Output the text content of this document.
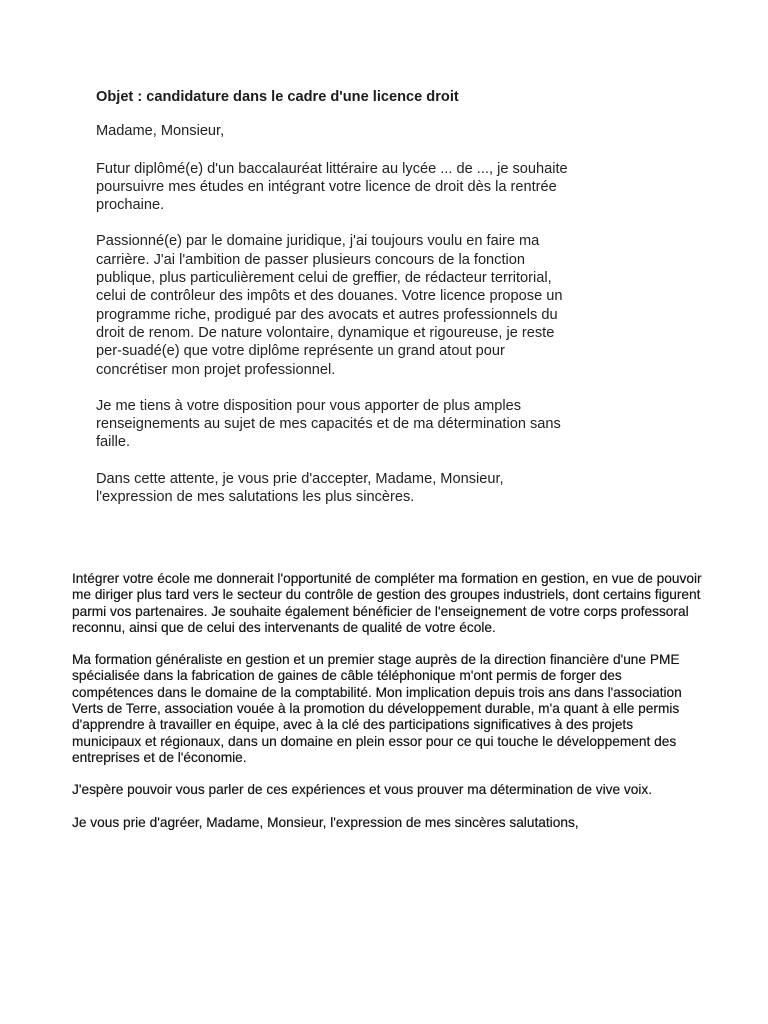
Objet : candidature dans le cadre d'une licence droit
Madame, Monsieur,

Futur diplômé(e) d'un baccalauréat littéraire au lycée ... de ..., je souhaite poursuivre mes études en intégrant votre licence de droit dès la rentrée prochaine.

Passionné(e) par le domaine juridique, j'ai toujours voulu en faire ma carrière. J'ai l'ambition de passer plusieurs concours de la fonction publique, plus particulièrement celui de greffier, de rédacteur territorial, celui de contrôleur des impôts et des douanes. Votre licence propose un programme riche, prodigué par des avocats et autres professionnels du droit de renom. De nature volontaire, dynamique et rigoureuse, je reste per-suadé(e) que votre diplôme représente un grand atout pour concrétiser mon projet professionnel.

Je me tiens à votre disposition pour vous apporter de plus amples renseignements au sujet de mes capacités et de ma détermination sans faille.

Dans cette attente, je vous prie d'accepter, Madame, Monsieur, l'expression de mes salutations les plus sincères.

Intégrer votre école me donnerait l'opportunité de compléter ma formation en gestion, en vue de pouvoir me diriger plus tard vers le secteur du contrôle de gestion des groupes industriels, dont certains figurent parmi vos partenaires. Je souhaite également bénéficier de l'enseignement de votre corps professoral reconnu, ainsi que de celui des intervenants de qualité de votre école.

Ma formation généraliste en gestion et un premier stage auprès de la direction financière d'une PME spécialisée dans la fabrication de gaines de câble téléphonique m'ont permis de forger des compétences dans le domaine de la comptabilité. Mon implication depuis trois ans dans l'association Verts de Terre, association vouée à la promotion du développement durable, m'a quant à elle permis d'apprendre à travailler en équipe, avec à la clé des participations significatives à des projets municipaux et régionaux, dans un domaine en plein essor pour ce qui touche le développement des entreprises et de l'économie.

J'espère pouvoir vous parler de ces expériences et vous prouver ma détermination de vive voix.

Je vous prie d'agréer, Madame, Monsieur, l'expression de mes sincères salutations,
